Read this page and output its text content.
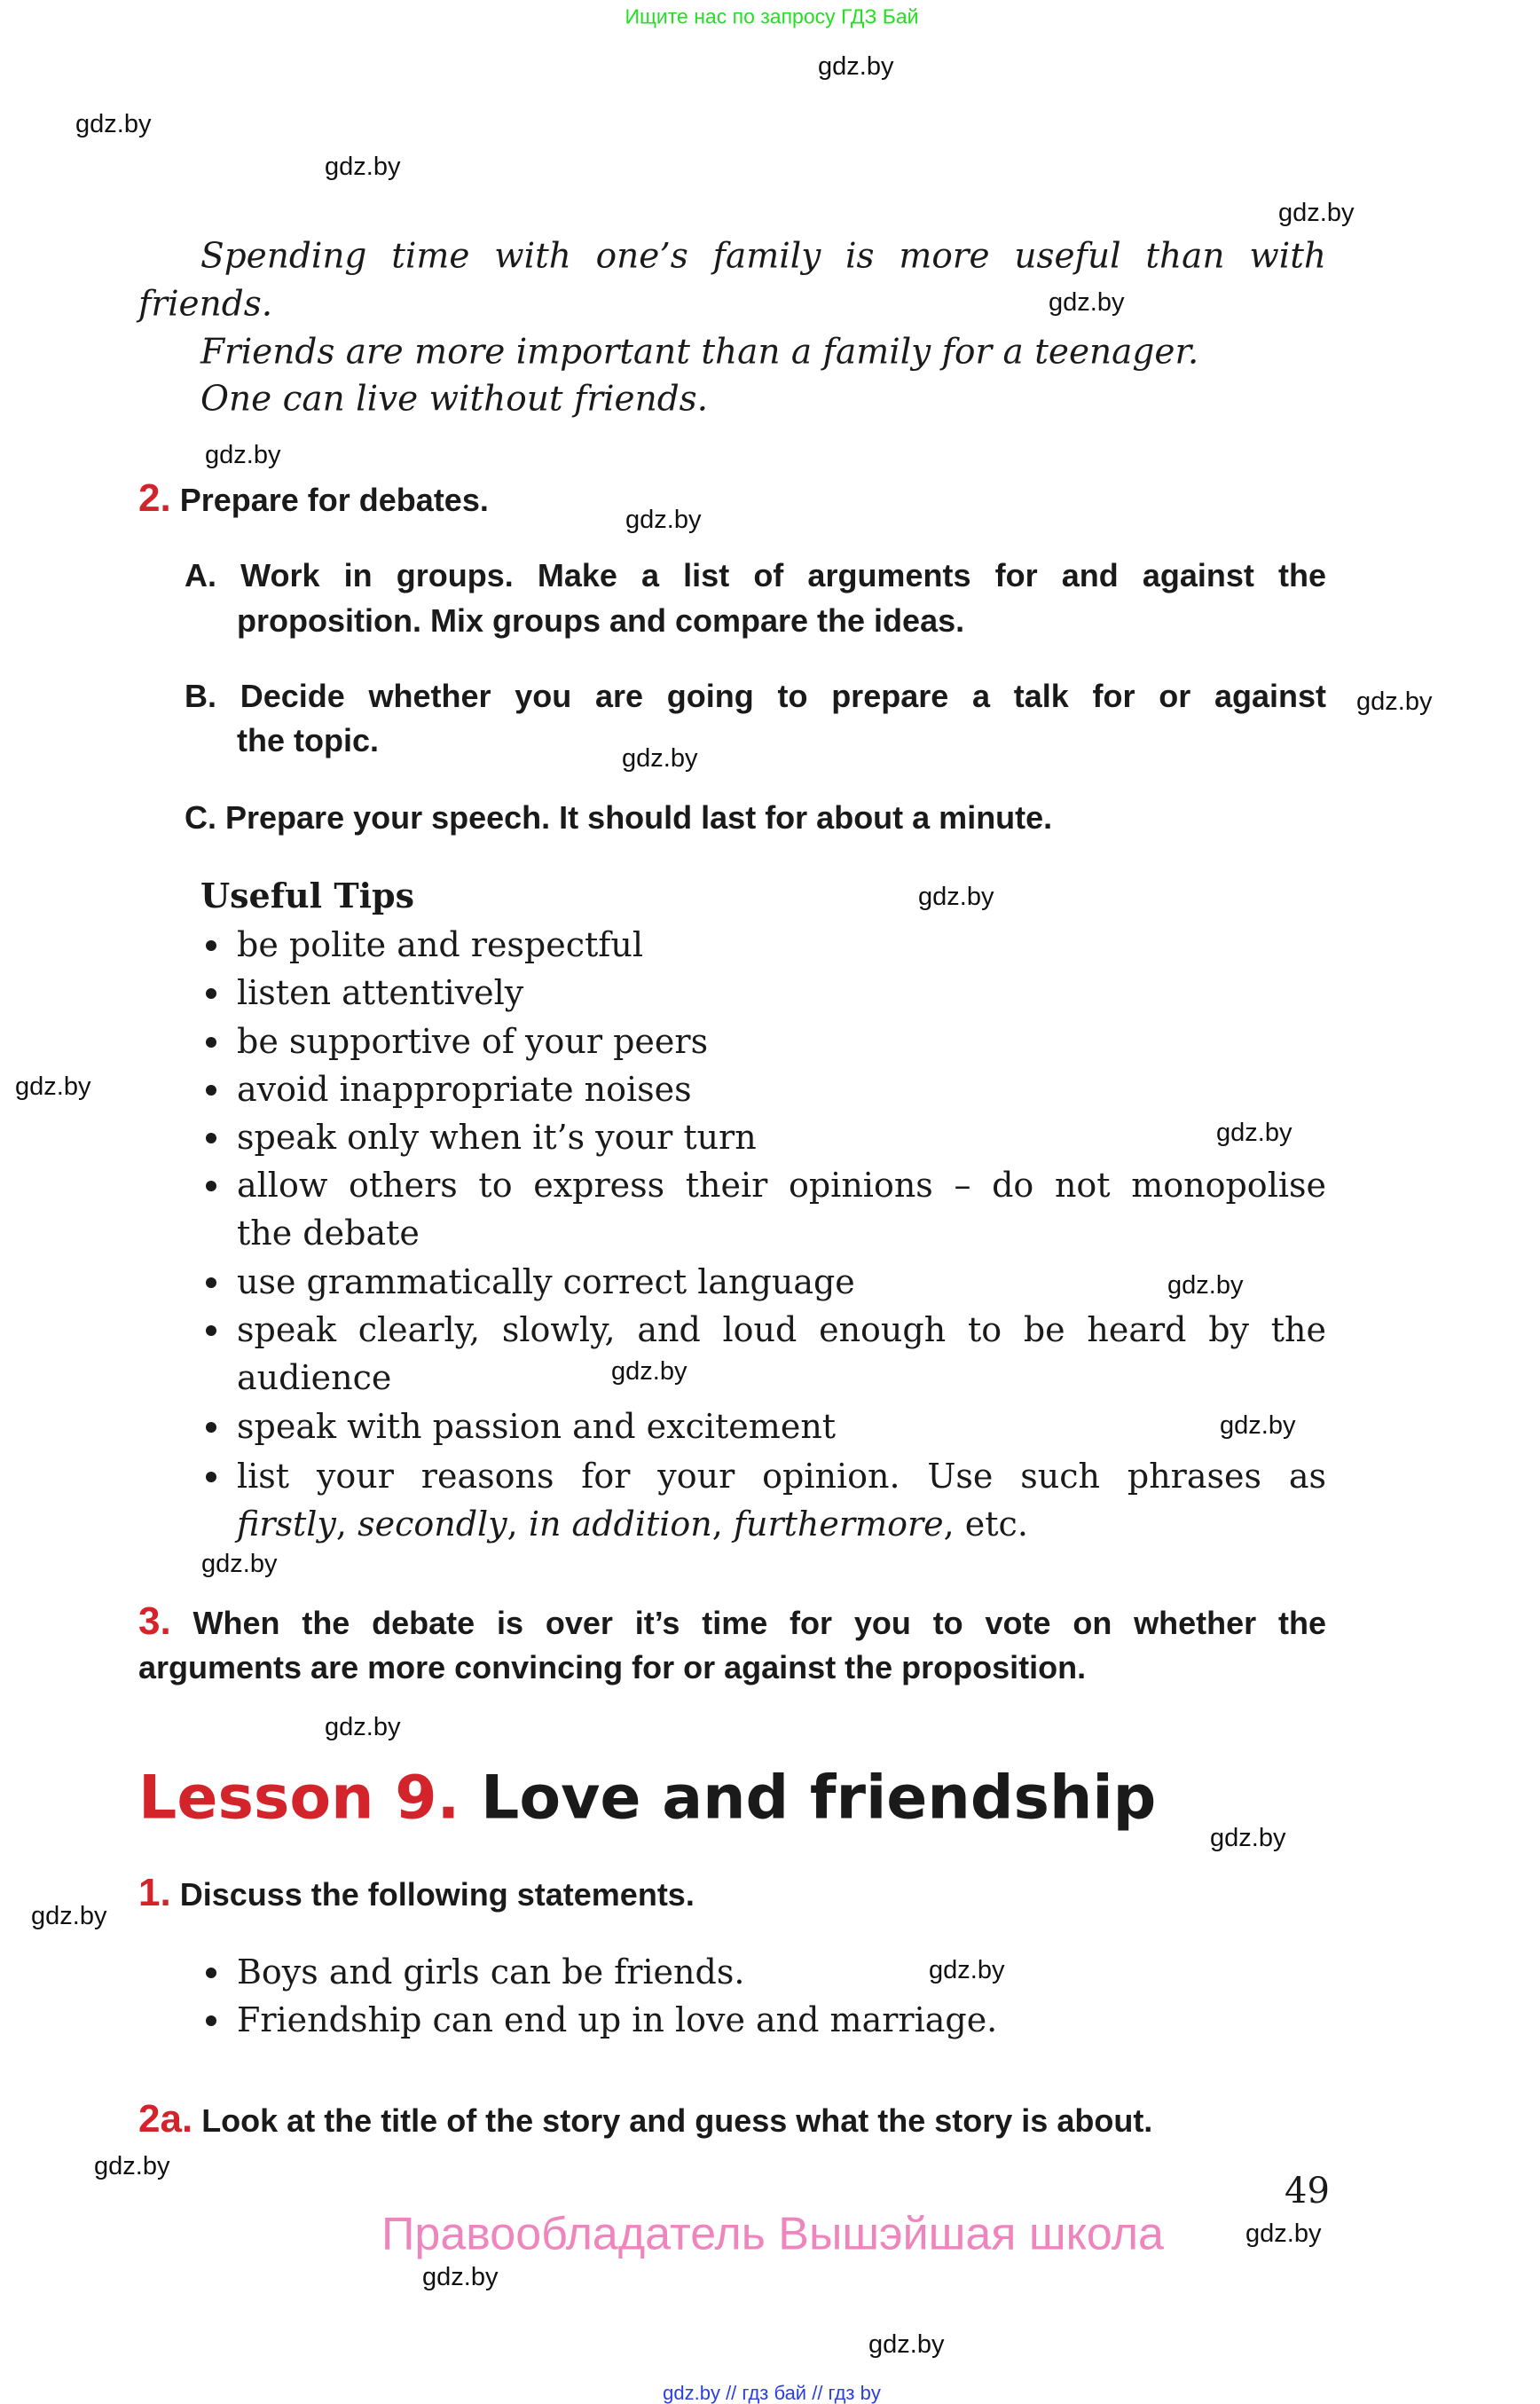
Ищите нас по запросу ГДЗ Бай
gdz.by
gdz.by
gdz.by
gdz.by
gdz.by
gdz.by
gdz.by
gdz.by
gdz.by
gdz.by
gdz.by
gdz.by
gdz.by
gdz.by
gdz.by
gdz.by
gdz.by
gdz.by
gdz.by
gdz.by
gdz.by
gdz.by
gdz.by
gdz.by
Spending time with one’s family is more useful than with
friends.
Friends are more important than a family for a teenager.
One can live without friends.
2. Prepare for debates.
A. Work in groups. Make a list of arguments for and against the
proposition. Mix groups and compare the ideas.
B. Decide whether you are going to prepare a talk for or against
the topic.
C. Prepare your speech. It should last for about a minute.
Useful Tips
be polite and respectful
listen attentively
be supportive of your peers
avoid inappropriate noises
speak only when it’s your turn
allow others to express their opinions – do not monopolise
the debate
use grammatically correct language
speak clearly, slowly, and loud enough to be heard by the
audience
speak with passion and excitement
list your reasons for your opinion. Use such phrases as
firstly, secondly, in addition, furthermore, etc.
3. When the debate is over it’s time for you to vote on whether the
arguments are more convincing for or against the proposition.
Lesson 9. Love and friendship
1. Discuss the following statements.
Boys and girls can be friends.
Friendship can end up in love and marriage.
2a. Look at the title of the story and guess what the story is about.
49
Правообладатель Вышэйшая школа
gdz.by // гдз бай // гдз by
